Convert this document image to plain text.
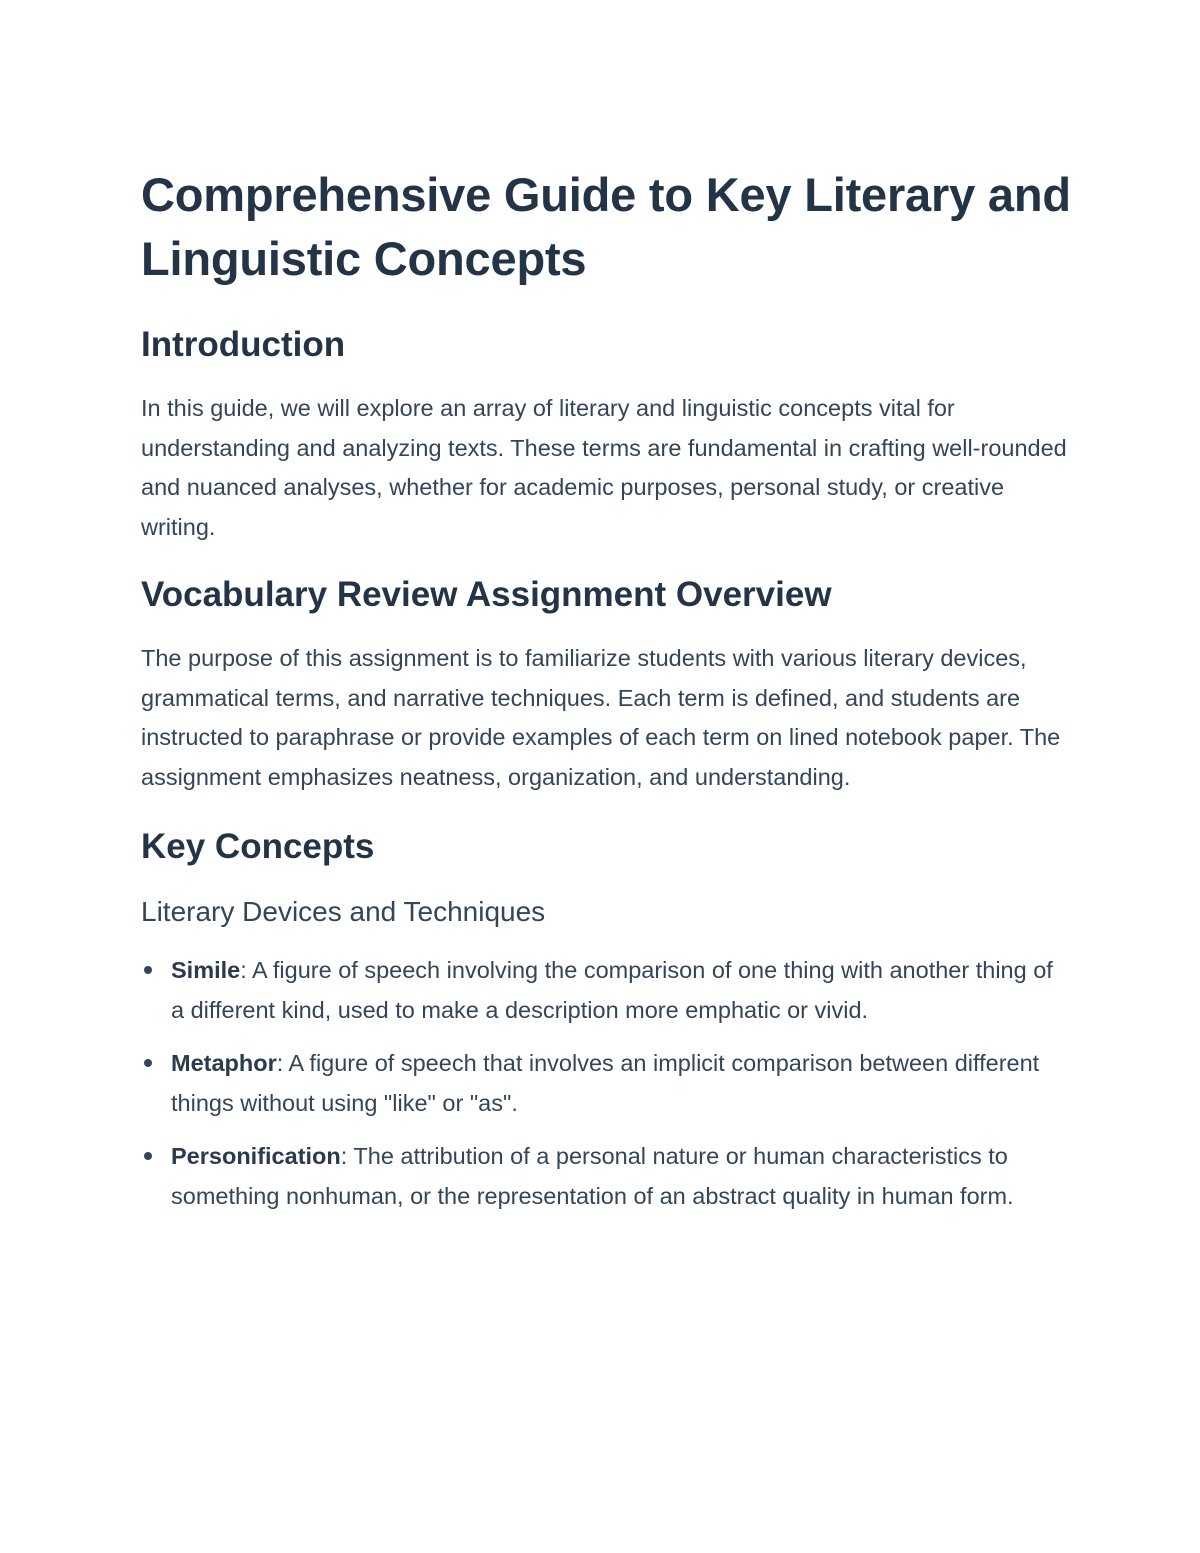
Comprehensive Guide to Key Literary and Linguistic Concepts
Introduction

In this guide, we will explore an array of literary and linguistic concepts vital for understanding and analyzing texts. These terms are fundamental in crafting well-rounded and nuanced analyses, whether for academic purposes, personal study, or creative writing.

Vocabulary Review Assignment Overview

The purpose of this assignment is to familiarize students with various literary devices, grammatical terms, and narrative techniques. Each term is defined, and students are instructed to paraphrase or provide examples of each term on lined notebook paper. The assignment emphasizes neatness, organization, and understanding.

Key Concepts
Literary Devices and Techniques
Simile: A figure of speech involving the comparison of one thing with another thing of a different kind, used to make a description more emphatic or vivid.
Metaphor: A figure of speech that involves an implicit comparison between different things without using "like" or "as".
Personification: The attribution of a personal nature or human characteristics to something nonhuman, or the representation of an abstract quality in human form.
